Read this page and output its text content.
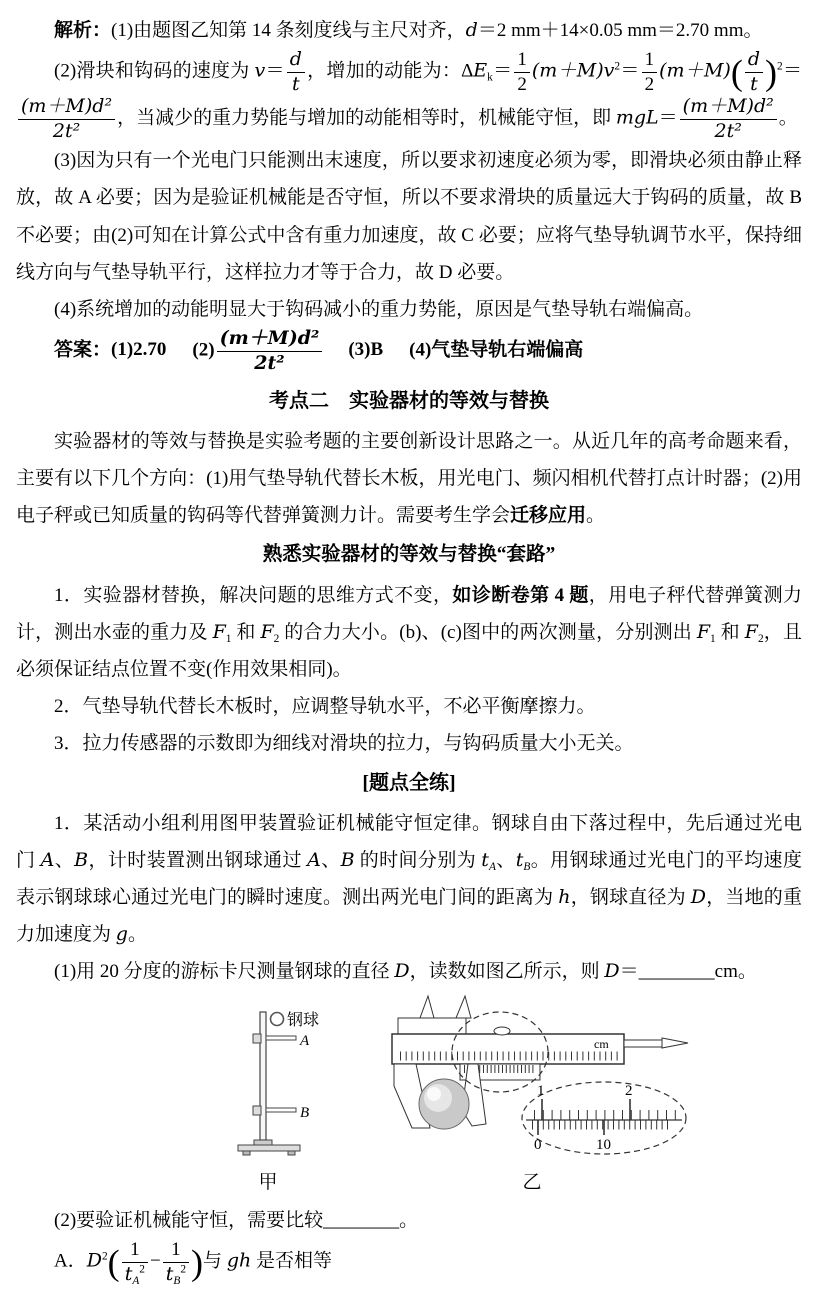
解析：(1)由题图乙知第 14 条刻度线与主尺对齐，d＝2 mm＋14×0.05 mm＝2.70 mm。

(2)滑块和钩码的速度为 $v= \frac{d}{t}$ ，增加的动能为：$\Delta E_k= \frac{1}{2} (m+M)v^2= \frac{1}{2} (m+M)( \frac{d}{t} )^2=$
$\frac{\text{(m＋M)d²}}{\text{2t²}}$ ，当减少的重力势能与增加的动能相等时，机械能守恒，即 $mgL= \frac{\text{(m＋M)d²}}{\text{2t²}}$ 。

(3)因为只有一个光电门只能测出末速度，所以要求初速度必须为零，即滑块必须由静止释放，故 A 必要；因为是验证机械能是否守恒，所以不要求滑块的质量远大于钩码的质量，故 B 不必要；由(2)可知在计算公式中含有重力加速度，故 C 必要；应将气垫导轨调节水平，保持细线方向与气垫导轨平行，这样拉力才等于合力，故 D 必要。

(4)系统增加的动能明显大于钩码减小的重力势能，原因是气垫导轨右端偏高。

答案：(1)2.70 $(2) \frac{\text{(m＋M)d²}}{\text{2t²}} (3)B$ (4)气垫导轨右端偏高

考点二　实验器材的等效与替换

实验器材的等效与替换是实验考题的主要创新设计思路之一。从近几年的高考命题来看，主要有以下几个方向：(1)用气垫导轨代替长木板，用光电门、频闪相机代替打点计时器；(2)用电子秤或已知质量的钩码等代替弹簧测力计。需要考生学会迁移应用。

熟悉实验器材的等效与替换“套路”

1．实验器材替换，解决问题的思维方式不变，如诊断卷第 4 题，用电子秤代替弹簧测力计，测出水壶的重力及 $F_1$ 和 $F_2$ 的合力大小。(b)、(c)图中的两次测量，分别测出 $F_1$ 和 $F_2$，且必须保证结点位置不变(作用效果相同)。

2．气垫导轨代替长木板时，应调整导轨水平，不必平衡摩擦力。

3．拉力传感器的示数即为细线对滑块的拉力，与钩码质量大小无关。

[题点全练]

1．某活动小组利用图甲装置验证机械能守恒定律。钢球自由下落过程中，先后通过光电门 A、B，计时装置测出钢球通过 A、B 的时间分别为 $t_A$、$t_B$。用钢球通过光电门的平均速度表示钢球球心通过光电门的瞬时速度。测出两光电门间的距离为 h，钢球直径为 D，当地的重力加速度为 g。

(1)用 20 分度的游标卡尺测量钢球的直径 D，读数如图乙所示，则 D＝________cm。

钢球
A
B
甲
cm
1	2
0	10
乙

(2)要验证机械能守恒，需要比较________。

A．$D^2( \frac{1}{t_A^2} - \frac{1}{t_B^2}$ )与 gh 是否相等
